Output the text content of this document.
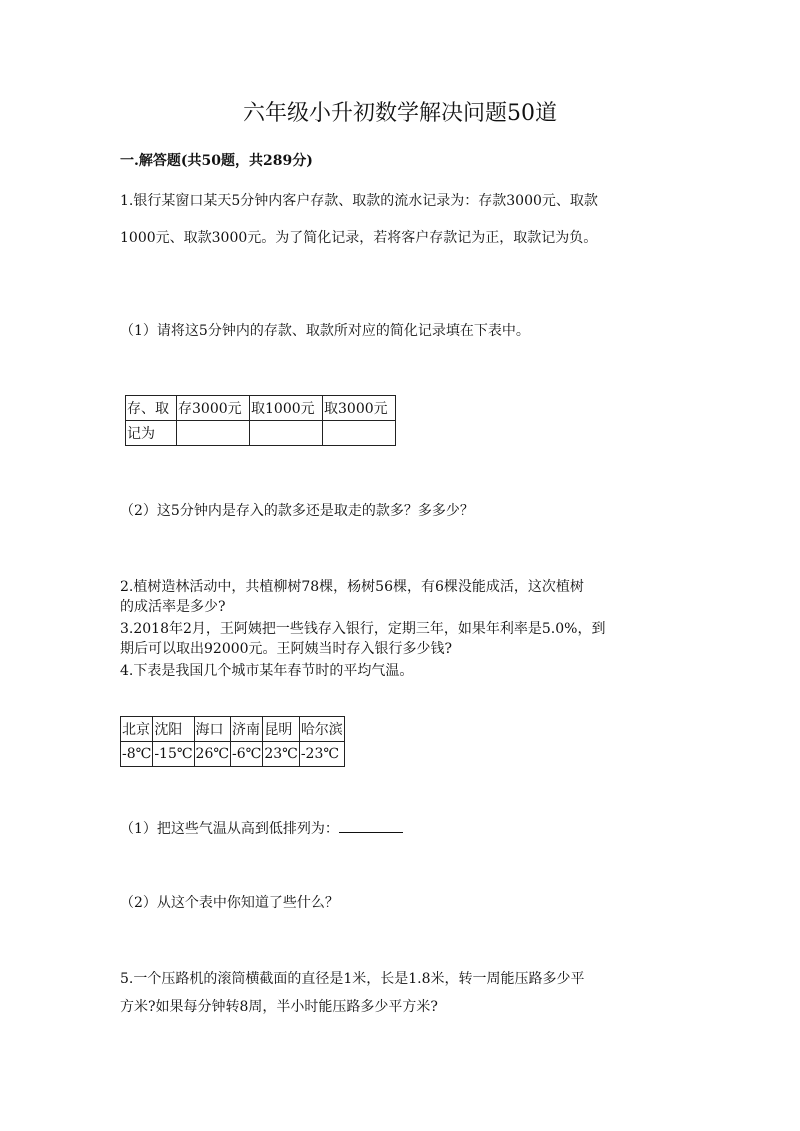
六年级小升初数学解决问题50道
一.解答题(共50题，共289分)
1.银行某窗口某天5分钟内客户存款、取款的流水记录为：存款3000元、取款
1000元、取款3000元。为了简化记录，若将客户存款记为正，取款记为负。
（1）请将这5分钟内的存款、取款所对应的简化记录填在下表中。
存、取	存3000元	取1000元	取3000元
记为			
（2）这5分钟内是存入的款多还是取走的款多？多多少？
2.植树造林活动中，共植柳树78棵，杨树56棵，有6棵没能成活，这次植树
的成活率是多少?
3.2018年2月，王阿姨把一些钱存入银行，定期三年，如果年利率是5.0%，到
期后可以取出92000元。王阿姨当时存入银行多少钱?
4.下表是我国几个城市某年春节时的平均气温。
北京	沈阳	海口	济南	昆明	哈尔滨
-8℃	-15℃	26℃	-6℃	23℃	-23℃
（1）把这些气温从高到低排列为：
（2）从这个表中你知道了些什么？
5.一个压路机的滚筒横截面的直径是1米，长是1.8米，转一周能压路多少平
方米?如果每分钟转8周，半小时能压路多少平方米?
